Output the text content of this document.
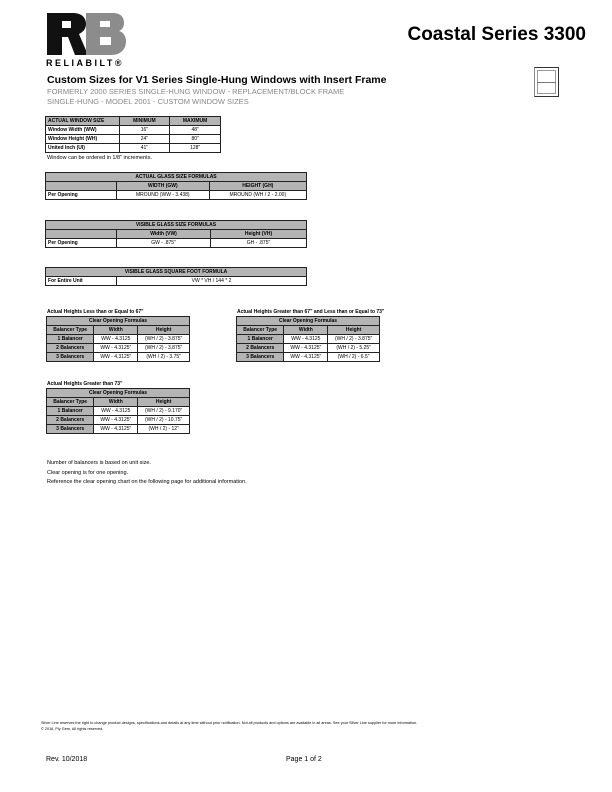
RELIABILT®
Coastal Series 3300
Custom Sizes for V1 Series Single-Hung Windows with Insert Frame
FORMERLY 2000 SERIES SINGLE-HUNG WINDOW - REPLACEMENT/BLOCK FRAME
SINGLE-HUNG - MODEL 2001 - CUSTOM WINDOW SIZES
Window can be ordered in 1/8" increments.
Number of balancers is based on unit size.
Clear opening is for one opening.
Reference the clear opening chart on the following page for additional information.
Silver Line reserves the right to change product designs, specifications and details at any time without prior notification. Not all products and options are available in all areas. See your Silver Line supplier for more information.
© 2016, Ply Gem. All rights reserved.
Rev. 10/2018	Page 1 of 2
ACTUAL WINDOW SIZE	MINIMUM	MAXIMUM
Window Width (WW)	16"	48"
Window Height (WH)	24"	80"
United Inch (UI)	41"	128"
ACTUAL GLASS SIZE FORMULAS		
	WIDTH (GW)	HEIGHT (GH)
Per Opening	MROUND (WW - 3.438)	MROUND (WH / 2 - 2.00)
VISIBLE GLASS SIZE FORMULAS		
	Width (VW)	Height (VH)
Per Opening	GW - .875"	GH - .875"
VISIBLE GLASS SQUARE FOOT FORMULA
For Entire Unit	VW * VH / 144 * 2
Actual Heights Less than or Equal to 67"
Clear Opening Formulas		
Balancer Type	Width	Height
1 Balancer	WW - 4.3125	(WH / 2) - 3.875"
2 Balancers	WW - 4.3125"	(WH / 2) - 3.875"
3 Balancers	WW - 4.3125"	(WH / 2) - 3.75"
Actual Heights Greater than 67" and Less than or Equal to 73"
Clear Opening Formulas		
Balancer Type	Width	Height
1 Balancer	WW - 4.3125	(WH / 2) - 3.875"
2 Balancers	WW - 4.3125"	(WH / 2) - 5.25"
3 Balancers	WW - 4.3125"	(WH / 2) - 6.5"
Actual Heights Greater than 73"
Clear Opening Formulas		
Balancer Type	Width	Height
1 Balancer	WW - 4.3125	(WH / 2) - 9.170"
2 Balancers	WW - 4.3125"	(WH / 2) - 10.75"
3 Balancers	WW - 4.3125"	(WH / 2) - 12"
